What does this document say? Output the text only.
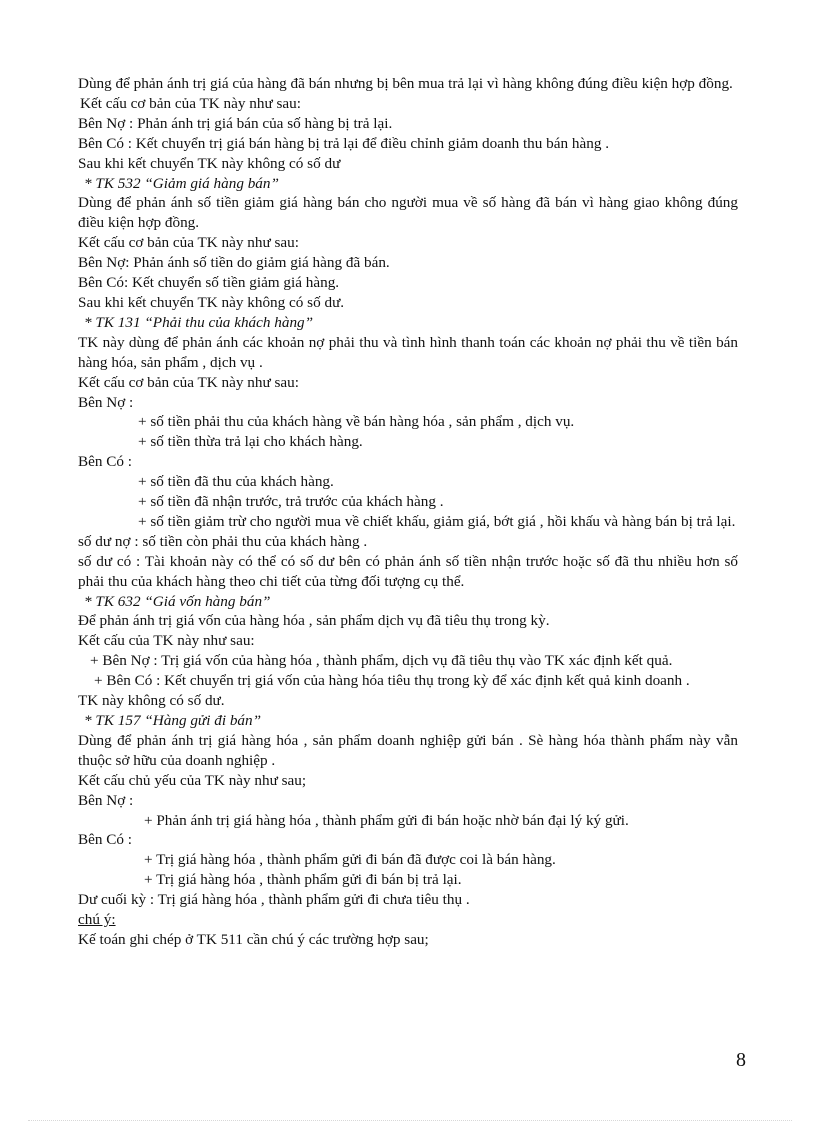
Dùng để phản ánh trị giá của hàng đã bán nhưng bị bên mua trả lại vì hàng không đúng điều kiện hợp đồng.

Kết cấu cơ bản của TK này như sau:

Bên Nợ : Phản ánh trị giá bán của số hàng bị trả lại.

Bên Có : Kết chuyển trị giá bán hàng bị trả lại để điều chỉnh giảm doanh thu bán hàng .

Sau khi kết chuyển TK này không có số dư

* TK 532 “Giảm giá hàng bán”

Dùng để phản ánh số tiền giảm giá hàng bán cho người mua về số hàng đã bán vì hàng giao không đúng điều kiện hợp đồng.

Kết cấu cơ bản của TK này như sau:

Bên Nợ: Phản ánh số tiền do giảm giá hàng đã bán.

Bên Có: Kết chuyển số tiền giảm giá hàng.

Sau khi kết chuyển TK này không có số dư.

* TK 131 “Phải thu của khách hàng”

TK này dùng để phản ánh các khoản nợ phải thu và tình hình thanh toán các khoản nợ phải thu về tiền bán hàng hóa, sản phẩm , dịch vụ .

Kết cấu cơ bản của TK này như sau:

Bên Nợ :

+ số tiền phải thu của khách hàng về bán hàng hóa , sản phẩm , dịch vụ.

+ số tiền thừa trả lại cho khách hàng.

Bên Có :

+ số tiền đã thu của khách hàng.

+ số tiền đã nhận trước, trả trước của khách hàng .

+ số tiền giảm trừ cho người mua về chiết khấu, giảm giá, bớt giá , hồi khấu và hàng bán bị trả lại.

số dư nợ : số tiền còn phải thu của khách hàng .

số dư có : Tài khoản này có thể có số dư bên có phản ánh số tiền nhận trước hoặc số đã thu nhiều hơn số phải thu của khách hàng theo chi tiết của từng đối tượng cụ thể.

* TK 632 “Giá vốn hàng bán”

Để phản ánh trị giá vốn của hàng hóa , sản phẩm dịch vụ đã tiêu thụ trong kỳ.

Kết cấu của TK này như sau:

+ Bên Nợ : Trị giá vốn của hàng hóa , thành phẩm, dịch vụ đã tiêu thụ vào TK xác định kết quả.

+ Bên Có : Kết chuyển trị giá vốn của hàng hóa tiêu thụ trong kỳ để xác định kết quả kinh doanh .

TK này không có số dư.

* TK 157 “Hàng gửi đi bán”

Dùng để phản ánh trị giá hàng hóa , sản phẩm doanh nghiệp gửi bán . Sè hàng hóa thành phẩm này vẫn thuộc sở hữu của doanh nghiệp .

Kết cấu chủ yếu của TK này như sau;

Bên Nợ :

+ Phản ánh trị giá hàng hóa , thành phẩm gửi đi bán hoặc nhờ bán đại lý ký gửi.

Bên Có :

+ Trị giá hàng hóa , thành phẩm gửi đi bán đã được coi là bán hàng.

+ Trị giá hàng hóa , thành phẩm gửi đi bán bị trả lại.

Dư cuối kỳ : Trị giá hàng hóa , thành phẩm gửi đi chưa tiêu thụ .

chú ý:

Kế toán ghi chép ở TK 511 cần chú ý các trường hợp sau;

8
